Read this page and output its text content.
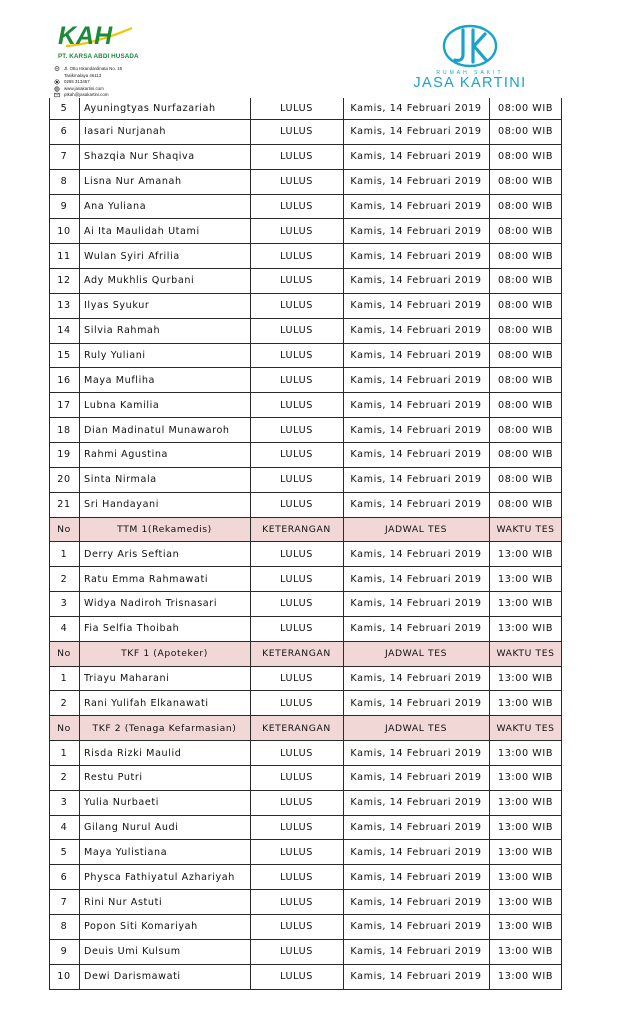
KAH
PT. KARSA ABDI HUSADA
Jl. Otto Iskandardinata No. 15
Tasikmalaya 46113
0265 313457
www.jasakartini.com
ptkah@jasakartini.com
RUMAH SAKIT
JASA KARTINI
5	Ayuningtyas Nurfazariah	LULUS	Kamis, 14 Februari 2019	08:00 WIB
6	Iasari Nurjanah	LULUS	Kamis, 14 Februari 2019	08:00 WIB
7	Shazqia Nur Shaqiva	LULUS	Kamis, 14 Februari 2019	08:00 WIB
8	Lisna Nur Amanah	LULUS	Kamis, 14 Februari 2019	08:00 WIB
9	Ana Yuliana	LULUS	Kamis, 14 Februari 2019	08:00 WIB
10	Ai Ita Maulidah Utami	LULUS	Kamis, 14 Februari 2019	08:00 WIB
11	Wulan Syiri Afrilia	LULUS	Kamis, 14 Februari 2019	08:00 WIB
12	Ady Mukhlis Qurbani	LULUS	Kamis, 14 Februari 2019	08:00 WIB
13	Ilyas Syukur	LULUS	Kamis, 14 Februari 2019	08:00 WIB
14	Silvia Rahmah	LULUS	Kamis, 14 Februari 2019	08:00 WIB
15	Ruly Yuliani	LULUS	Kamis, 14 Februari 2019	08:00 WIB
16	Maya Mufliha	LULUS	Kamis, 14 Februari 2019	08:00 WIB
17	Lubna Kamilia	LULUS	Kamis, 14 Februari 2019	08:00 WIB
18	Dian Madinatul Munawaroh	LULUS	Kamis, 14 Februari 2019	08:00 WIB
19	Rahmi Agustina	LULUS	Kamis, 14 Februari 2019	08:00 WIB
20	Sinta Nirmala	LULUS	Kamis, 14 Februari 2019	08:00 WIB
21	Sri Handayani	LULUS	Kamis, 14 Februari 2019	08:00 WIB
No	TTM 1(Rekamedis)	KETERANGAN	JADWAL TES	WAKTU TES
1	Derry Aris Seftian	LULUS	Kamis, 14 Februari 2019	13:00 WIB
2	Ratu Emma Rahmawati	LULUS	Kamis, 14 Februari 2019	13:00 WIB
3	Widya Nadiroh Trisnasari	LULUS	Kamis, 14 Februari 2019	13:00 WIB
4	Fia Selfia Thoibah	LULUS	Kamis, 14 Februari 2019	13:00 WIB
No	TKF 1 (Apoteker)	KETERANGAN	JADWAL TES	WAKTU TES
1	Triayu Maharani	LULUS	Kamis, 14 Februari 2019	13:00 WIB
2	Rani Yulifah Elkanawati	LULUS	Kamis, 14 Februari 2019	13:00 WIB
No	TKF 2 (Tenaga Kefarmasian)	KETERANGAN	JADWAL TES	WAKTU TES
1	Risda Rizki Maulid	LULUS	Kamis, 14 Februari 2019	13:00 WIB
2	Restu Putri	LULUS	Kamis, 14 Februari 2019	13:00 WIB
3	Yulia Nurbaeti	LULUS	Kamis, 14 Februari 2019	13:00 WIB
4	Gilang Nurul Audi	LULUS	Kamis, 14 Februari 2019	13:00 WIB
5	Maya Yulistiana	LULUS	Kamis, 14 Februari 2019	13:00 WIB
6	Physca Fathiyatul Azhariyah	LULUS	Kamis, 14 Februari 2019	13:00 WIB
7	Rini Nur Astuti	LULUS	Kamis, 14 Februari 2019	13:00 WIB
8	Popon Siti Komariyah	LULUS	Kamis, 14 Februari 2019	13:00 WIB
9	Deuis Umi Kulsum	LULUS	Kamis, 14 Februari 2019	13:00 WIB
10	Dewi Darismawati	LULUS	Kamis, 14 Februari 2019	13:00 WIB
